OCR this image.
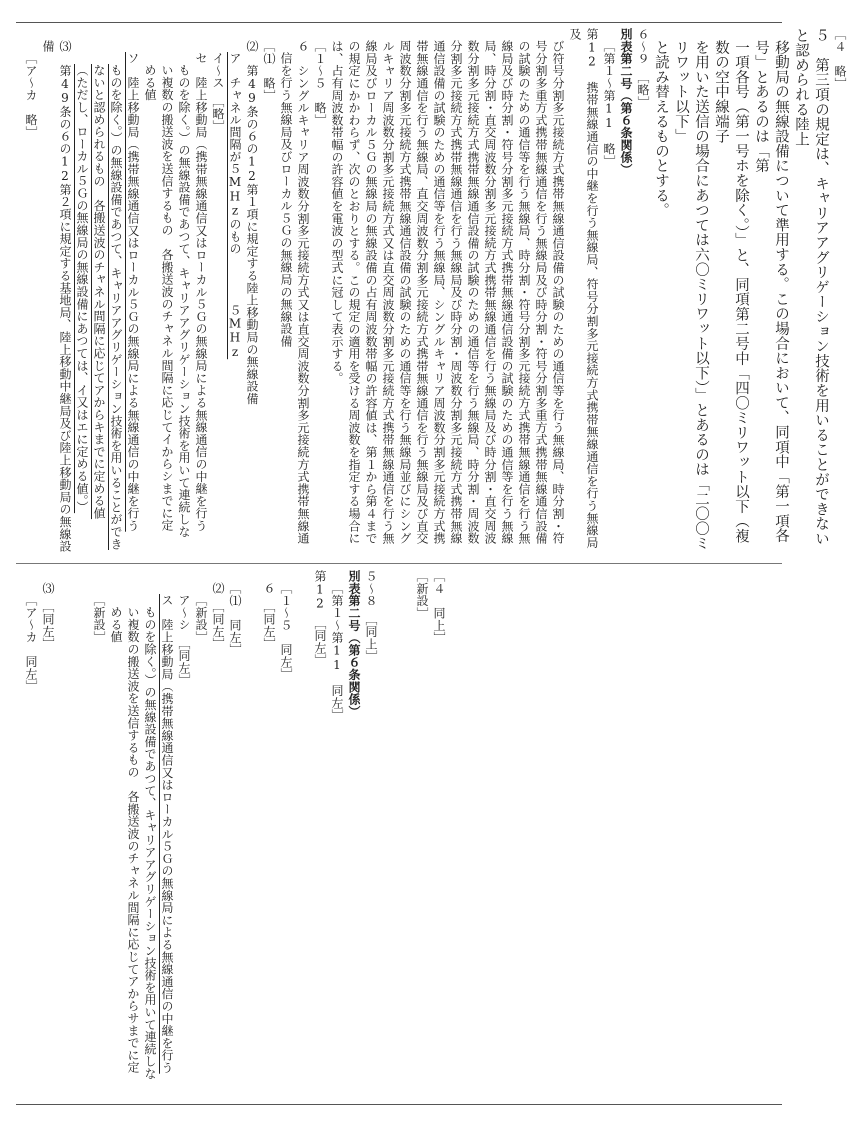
［４　略］
５　第三項の規定は、キャリアアグリゲーション技術を用いることができないと認められる陸上
移動局の無線設備について準用する。この場合において、同項中「第一項各号」とあるのは「第
一項各号（第一号ホを除く。）」と、同項第二号中「四〇ミリワット以下（複数の空中線端子
を用いた送信の場合にあつては六〇ミリワット以下）」とあるのは「二〇〇ミリワット以下」
と読み替えるものとする。
６〜９　［略］
別表第二号（第６条関係）
［第１〜第11　略］
第12　携帯無線通信の中継を行う無線局、符号分割多元接続方式携帯無線通信を行う無線局及
び符号分割多元接続方式携帯無線通信設備の試験のための通信等を行う無線局、時分割・符
号分割多重方式携帯無線通信を行う無線局及び時分割・符号分割多重方式携帯無線通信設備
の試験のための通信等を行う無線局、時分割・符号分割多元接続方式携帯無線通信を行う無
線局及び時分割・符号分割多元接続方式携帯無線通信設備の試験のための通信等を行う無線
局、時分割・直交周波数分割多元接続方式携帯無線通信を行う無線局及び時分割・直交周波
数分割多元接続方式携帯無線通信設備の試験のための通信等を行う無線局、時分割・周波数
分割多元接続方式携帯無線通信を行う無線局及び時分割・周波数分割多元接続方式携帯無線
通信設備の試験のための通信等を行う無線局、シングルキャリア周波数分割多元接続方式携
帯無線通信を行う無線局、直交周波数分割多元接続方式携帯無線通信を行う無線局及び直交
周波数分割多元接続方式携帯無線通信設備の試験のための通信等を行う無線局並びにシング
ルキャリア周波数分割多元接続方式又は直交周波数分割多元接続方式携帯無線通信を行う無
線局及びローカル５Ｇの無線局の無線設備の占有周波数帯幅の許容値は、第１から第４まで
の規定にかかわらず、次のとおりとする。この規定の適用を受ける周波数を指定する場合に
は、占有周波数帯幅の許容値を電波の型式に冠して表示する。
［１〜５　略］
６　シングルキャリア周波数分割多元接続方式又は直交周波数分割多元接続方式携帯無線通
信を行う無線局及びローカル５Ｇの無線局の無線設備
［⑴　略］
⑵　第49条の６の12第１項に規定する陸上移動局の無線設備
ア　チャネル間隔が５MHzのもの　　　　５MHz
イ〜ス　［略］
セ　陸上移動局（携帯無線通信又はローカル５Ｇの無線局による無線通信の中継を行う
ものを除く。）の無線設備であつて、キャリアアグリゲーション技術を用いて連続しな
い複数の搬送波を送信するもの　各搬送波のチャネル間隔に応じてイからシまでに定
める値
ソ　陸上移動局（携帯無線通信又はローカル５Ｇの無線局による無線通信の中継を行う
ものを除く。）の無線設備であつて、キャリアアグリゲーション技術を用いることができ
ないと認められるもの　各搬送波のチャネル間隔に応じてアからキまでに定める値
（ただし、ローカル５Ｇの無線局の無線設備にあつては、イ又はエに定める値。）
⑶　第49条の６の12第２項に規定する基地局、陸上移動中継局及び陸上移動局の無線設備
［ア〜カ　略］
［４　同上］
［新設］
５〜８　［同上］
別表第二号（第６条関係）
［第１〜第11　同左］
第12　［同左］
［１〜５　同左］
６　［同左］
［⑴　同左］
⑵　［同左］
［新設］
ア〜シ　［同左］
ス　陸上移動局（携帯無線通信又はローカル５Ｇの無線局による無線通信の中継を行う
ものを除く。）の無線設備であつて、キャリアアグリゲーション技術を用いて連続しな
い複数の搬送波を送信するもの　各搬送波のチャネル間隔に応じてアからサまでに定
める値
［新設］
⑶　［同左］
［ア〜カ　同左］
